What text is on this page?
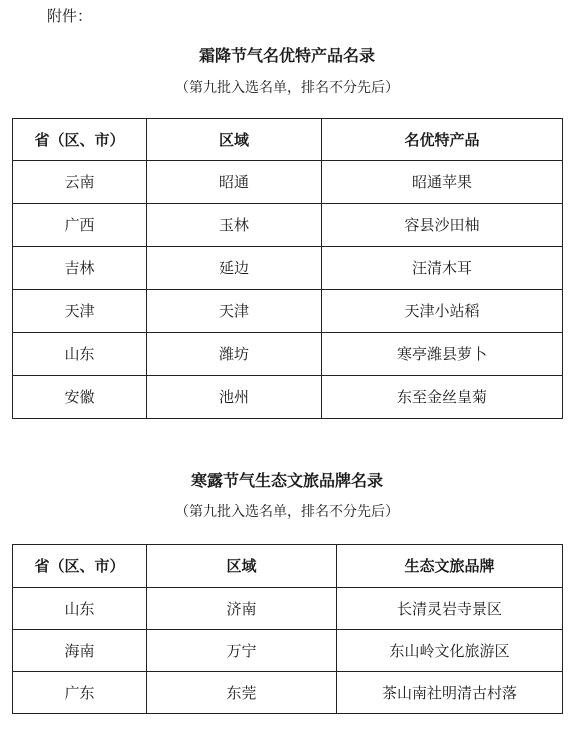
附件：
霜降节气名优特产品名录
（第九批入选名单，排名不分先后）
省（区、市）	区域	名优特产品
云南	昭通	昭通苹果
广西	玉林	容县沙田柚
吉林	延边	汪清木耳
天津	天津	天津小站稻
山东	潍坊	寒亭潍县萝卜
安徽	池州	东至金丝皇菊
寒露节气生态文旅品牌名录
（第九批入选名单，排名不分先后）
省（区、市）	区域	生态文旅品牌
山东	济南	长清灵岩寺景区
海南	万宁	东山岭文化旅游区
广东	东莞	茶山南社明清古村落
